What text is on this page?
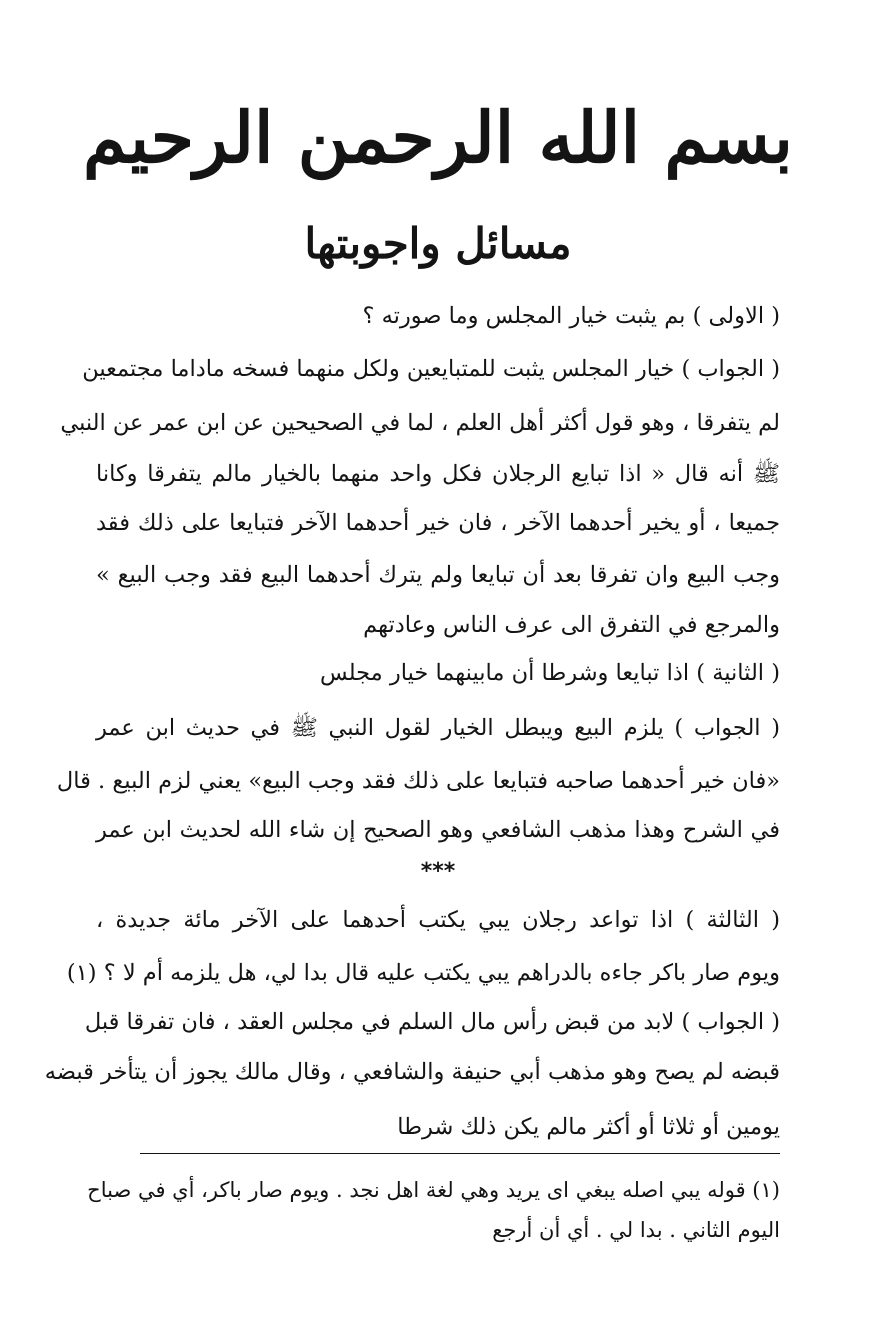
بسم الله الرحمن الرحيم
مسائل واجوبتها
( الاولى ) بم يثبت خيار المجلس وما صورته ؟
( الجواب ) خيار المجلس يثبت للمتبايعين ولكل منهما فسخه ماداما مجتمعين
لم يتفرقا ، وهو قول أكثر أهل العلم ، لما في الصحيحين عن ابن عمر عن النبي
ﷺ أنه قال « اذا تبايع الرجلان فكل واحد منهما بالخيار مالم يتفرقا وكانا
جميعا ، أو يخير أحدهما الآخر ، فان خير أحدهما الآخر فتبايعا على ذلك فقد
وجب البيع وان تفرقا بعد أن تبايعا ولم يترك أحدهما البيع فقد وجب البيع »
والمرجع في التفرق الى عرف الناس وعادتهم
( الثانية ) اذا تبايعا وشرطا أن مابينهما خيار مجلس
( الجواب ) يلزم البيع ويبطل الخيار لقول النبي ﷺ في حديث ابن عمر
«فان خير أحدهما صاحبه فتبايعا على ذلك فقد وجب البيع» يعني لزم البيع . قال
في الشرح وهذا مذهب الشافعي وهو الصحيح إن شاء الله لحديث ابن عمر
***
( الثالثة ) اذا تواعد رجلان يبي يكتب أحدهما على الآخر مائة جديدة ،
ويوم صار باكر جاءه بالدراهم يبي يكتب عليه قال بدا لي، هل يلزمه أم لا ؟ (١)
( الجواب ) لابد من قبض رأس مال السلم في مجلس العقد ، فان تفرقا قبل
قبضه لم يصح وهو مذهب أبي حنيفة والشافعي ، وقال مالك يجوز أن يتأخر قبضه
يومين أو ثلاثا أو أكثر مالم يكن ذلك شرطا
(١) قوله يبي اصله يبغي اى يريد وهي لغة اهل نجد . ويوم صار باكر، أي في صباح
اليوم الثاني . بدا لي . أي أن أرجع
